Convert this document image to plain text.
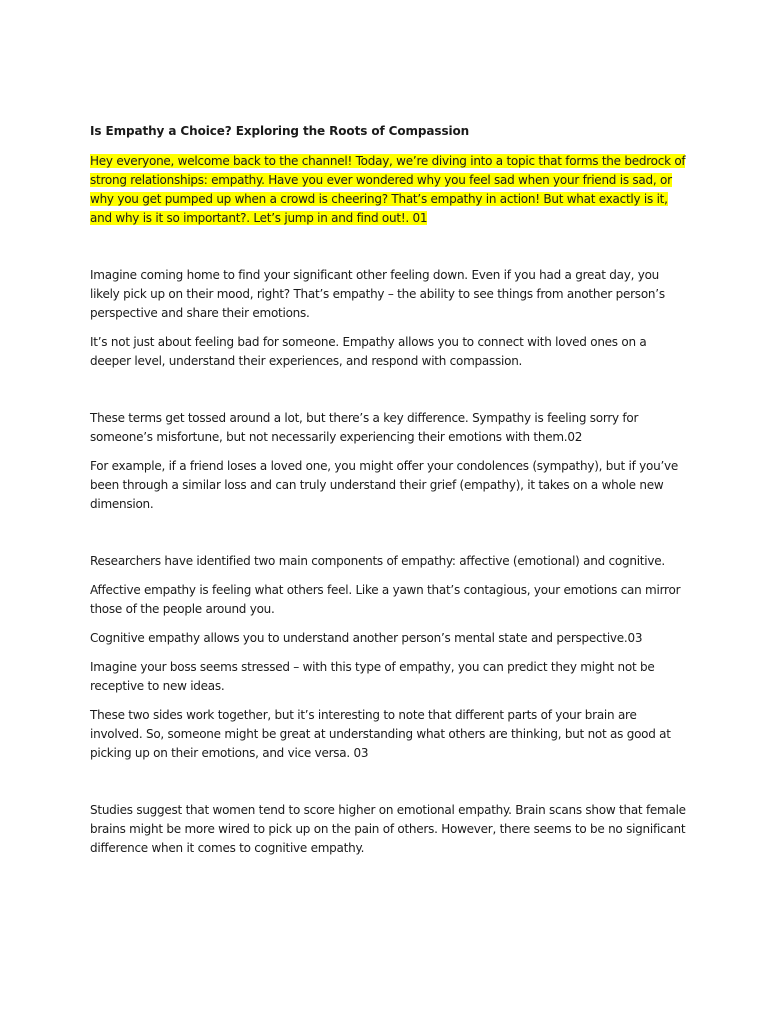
Is Empathy a Choice? Exploring the Roots of Compassion

Hey everyone, welcome back to the channel! Today, we’re diving into a topic that forms the bedrock of strong relationships: empathy. Have you ever wondered why you feel sad when your friend is sad, or why you get pumped up when a crowd is cheering? That’s empathy in action! But what exactly is it, and why is it so important?. Let’s jump in and find out!. 01

Imagine coming home to find your significant other feeling down. Even if you had a great day, you likely pick up on their mood, right? That’s empathy – the ability to see things from another person’s perspective and share their emotions.

It’s not just about feeling bad for someone. Empathy allows you to connect with loved ones on a deeper level, understand their experiences, and respond with compassion.

These terms get tossed around a lot, but there’s a key difference. Sympathy is feeling sorry for someone’s misfortune, but not necessarily experiencing their emotions with them.02

For example, if a friend loses a loved one, you might offer your condolences (sympathy), but if you’ve been through a similar loss and can truly understand their grief (empathy), it takes on a whole new dimension.

Researchers have identified two main components of empathy: affective (emotional) and cognitive.

Affective empathy is feeling what others feel. Like a yawn that’s contagious, your emotions can mirror those of the people around you.

Cognitive empathy allows you to understand another person’s mental state and perspective.03

Imagine your boss seems stressed – with this type of empathy, you can predict they might not be receptive to new ideas.

These two sides work together, but it’s interesting to note that different parts of your brain are involved. So, someone might be great at understanding what others are thinking, but not as good at picking up on their emotions, and vice versa. 03

Studies suggest that women tend to score higher on emotional empathy. Brain scans show that female brains might be more wired to pick up on the pain of others. However, there seems to be no significant difference when it comes to cognitive empathy.
